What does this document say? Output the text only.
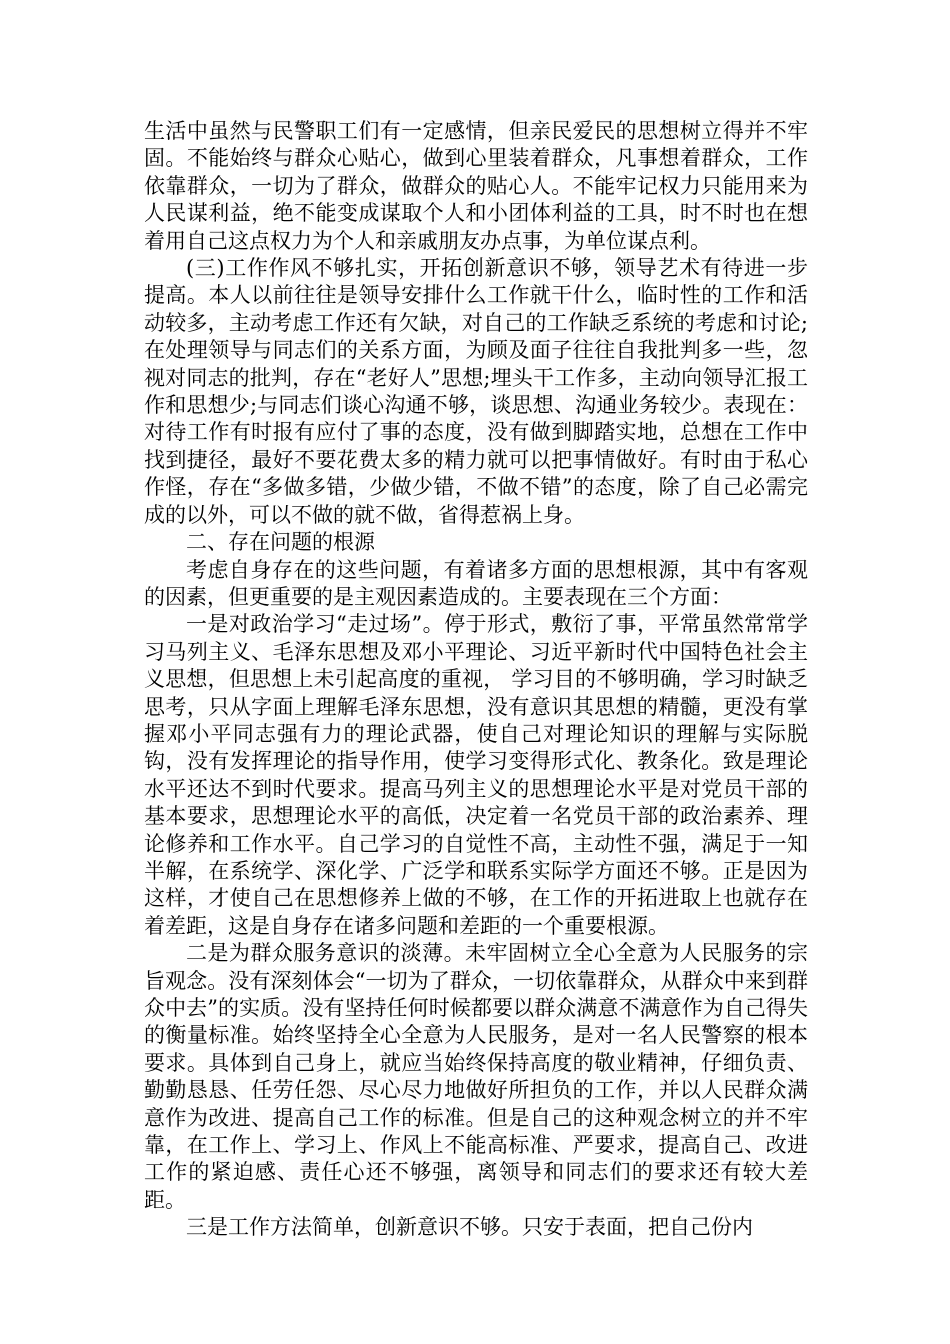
生活中虽然与民警职工们有一定感情，但亲民爱民的思想树立得并不牢固。不能始终与群众心贴心，做到心里装着群众，凡事想着群众，工作依靠群众，一切为了群众，做群众的贴心人。不能牢记权力只能用来为人民谋利益，绝不能变成谋取个人和小团体利益的工具，时不时也在想着用自己这点权力为个人和亲戚朋友办点事，为单位谋点利。

(三)工作作风不够扎实，开拓创新意识不够，领导艺术有待进一步提高。本人以前往往是领导安排什么工作就干什么，临时性的工作和活动较多，主动考虑工作还有欠缺，对自己的工作缺乏系统的考虑和讨论;在处理领导与同志们的关系方面，为顾及面子往往自我批判多一些，忽视对同志的批判，存在“老好人”思想;埋头干工作多，主动向领导汇报工作和思想少;与同志们谈心沟通不够，谈思想、沟通业务较少。表现在：对待工作有时报有应付了事的态度，没有做到脚踏实地，总想在工作中找到捷径，最好不要花费太多的精力就可以把事情做好。有时由于私心作怪，存在“多做多错，少做少错，不做不错”的态度，除了自己必需完成的以外，可以不做的就不做，省得惹祸上身。

二、存在问题的根源

考虑自身存在的这些问题，有着诸多方面的思想根源，其中有客观的因素，但更重要的是主观因素造成的。主要表现在三个方面：

一是对政治学习“走过场”。停于形式，敷衍了事，平常虽然常常学习马列主义、毛泽东思想及邓小平理论、习近平新时代中国特色社会主义思想，但思想上未引起高度的重视， 学习目的不够明确，学习时缺乏思考，只从字面上理解毛泽东思想，没有意识其思想的精髓，更没有掌握邓小平同志强有力的理论武器，使自己对理论知识的理解与实际脱钩，没有发挥理论的指导作用，使学习变得形式化、教条化。致是理论水平还达不到时代要求。提高马列主义的思想理论水平是对党员干部的基本要求，思想理论水平的高低，决定着一名党员干部的政治素养、理论修养和工作水平。自己学习的自觉性不高，主动性不强，满足于一知半解，在系统学、深化学、广泛学和联系实际学方面还不够。正是因为这样，才使自己在思想修养上做的不够，在工作的开拓进取上也就存在着差距，这是自身存在诸多问题和差距的一个重要根源。

二是为群众服务意识的淡薄。未牢固树立全心全意为人民服务的宗旨观念。没有深刻体会“一切为了群众，一切依靠群众，从群众中来到群众中去”的实质。没有坚持任何时候都要以群众满意不满意作为自己得失的衡量标准。始终坚持全心全意为人民服务，是对一名人民警察的根本要求。具体到自己身上，就应当始终保持高度的敬业精神，仔细负责、勤勤恳恳、任劳任怨、尽心尽力地做好所担负的工作，并以人民群众满意作为改进、提高自己工作的标准。但是自己的这种观念树立的并不牢靠，在工作上、学习上、作风上不能高标准、严要求，提高自己、改进工作的紧迫感、责任心还不够强，离领导和同志们的要求还有较大差距。

三是工作方法简单，创新意识不够。只安于表面，把自己份内
